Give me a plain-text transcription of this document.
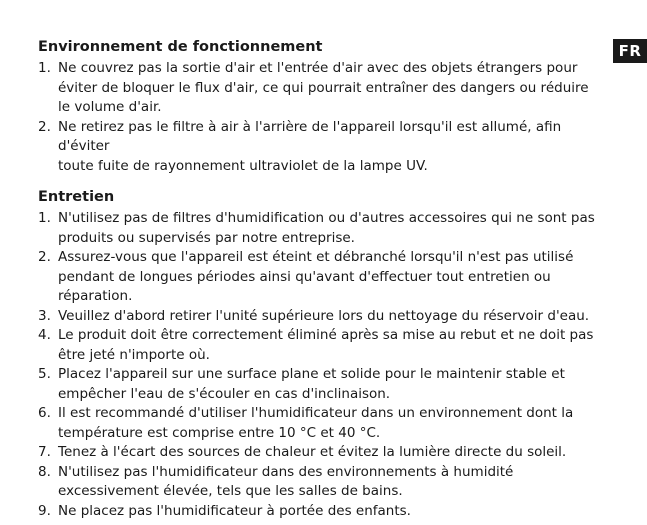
FR
Environnement de fonctionnement
1. Ne couvrez pas la sortie d'air et l'entrée d'air avec des objets étrangers pour
éviter de bloquer le flux d'air, ce qui pourrait entraîner des dangers ou réduire
le volume d'air.
2. Ne retirez pas le filtre à air à l'arrière de l'appareil lorsqu'il est allumé, afin d'éviter
toute fuite de rayonnement ultraviolet de la lampe UV.
Entretien
1. N'utilisez pas de filtres d'humidification ou d'autres accessoires qui ne sont pas
produits ou supervisés par notre entreprise.
2. Assurez-vous que l'appareil est éteint et débranché lorsqu'il n'est pas utilisé
pendant de longues périodes ainsi qu'avant d'effectuer tout entretien ou
réparation.
3. Veuillez d'abord retirer l'unité supérieure lors du nettoyage du réservoir d'eau.
4. Le produit doit être correctement éliminé après sa mise au rebut et ne doit pas
être jeté n'importe où.
5. Placez l'appareil sur une surface plane et solide pour le maintenir stable et
empêcher l'eau de s'écouler en cas d'inclinaison.
6. Il est recommandé d'utiliser l'humidificateur dans un environnement dont la
température est comprise entre 10 °C et 40 °C.
7. Tenez à l'écart des sources de chaleur et évitez la lumière directe du soleil.
8. N'utilisez pas l'humidificateur dans des environnements à humidité
excessivement élevée, tels que les salles de bains.
9. Ne placez pas l'humidificateur à portée des enfants.
